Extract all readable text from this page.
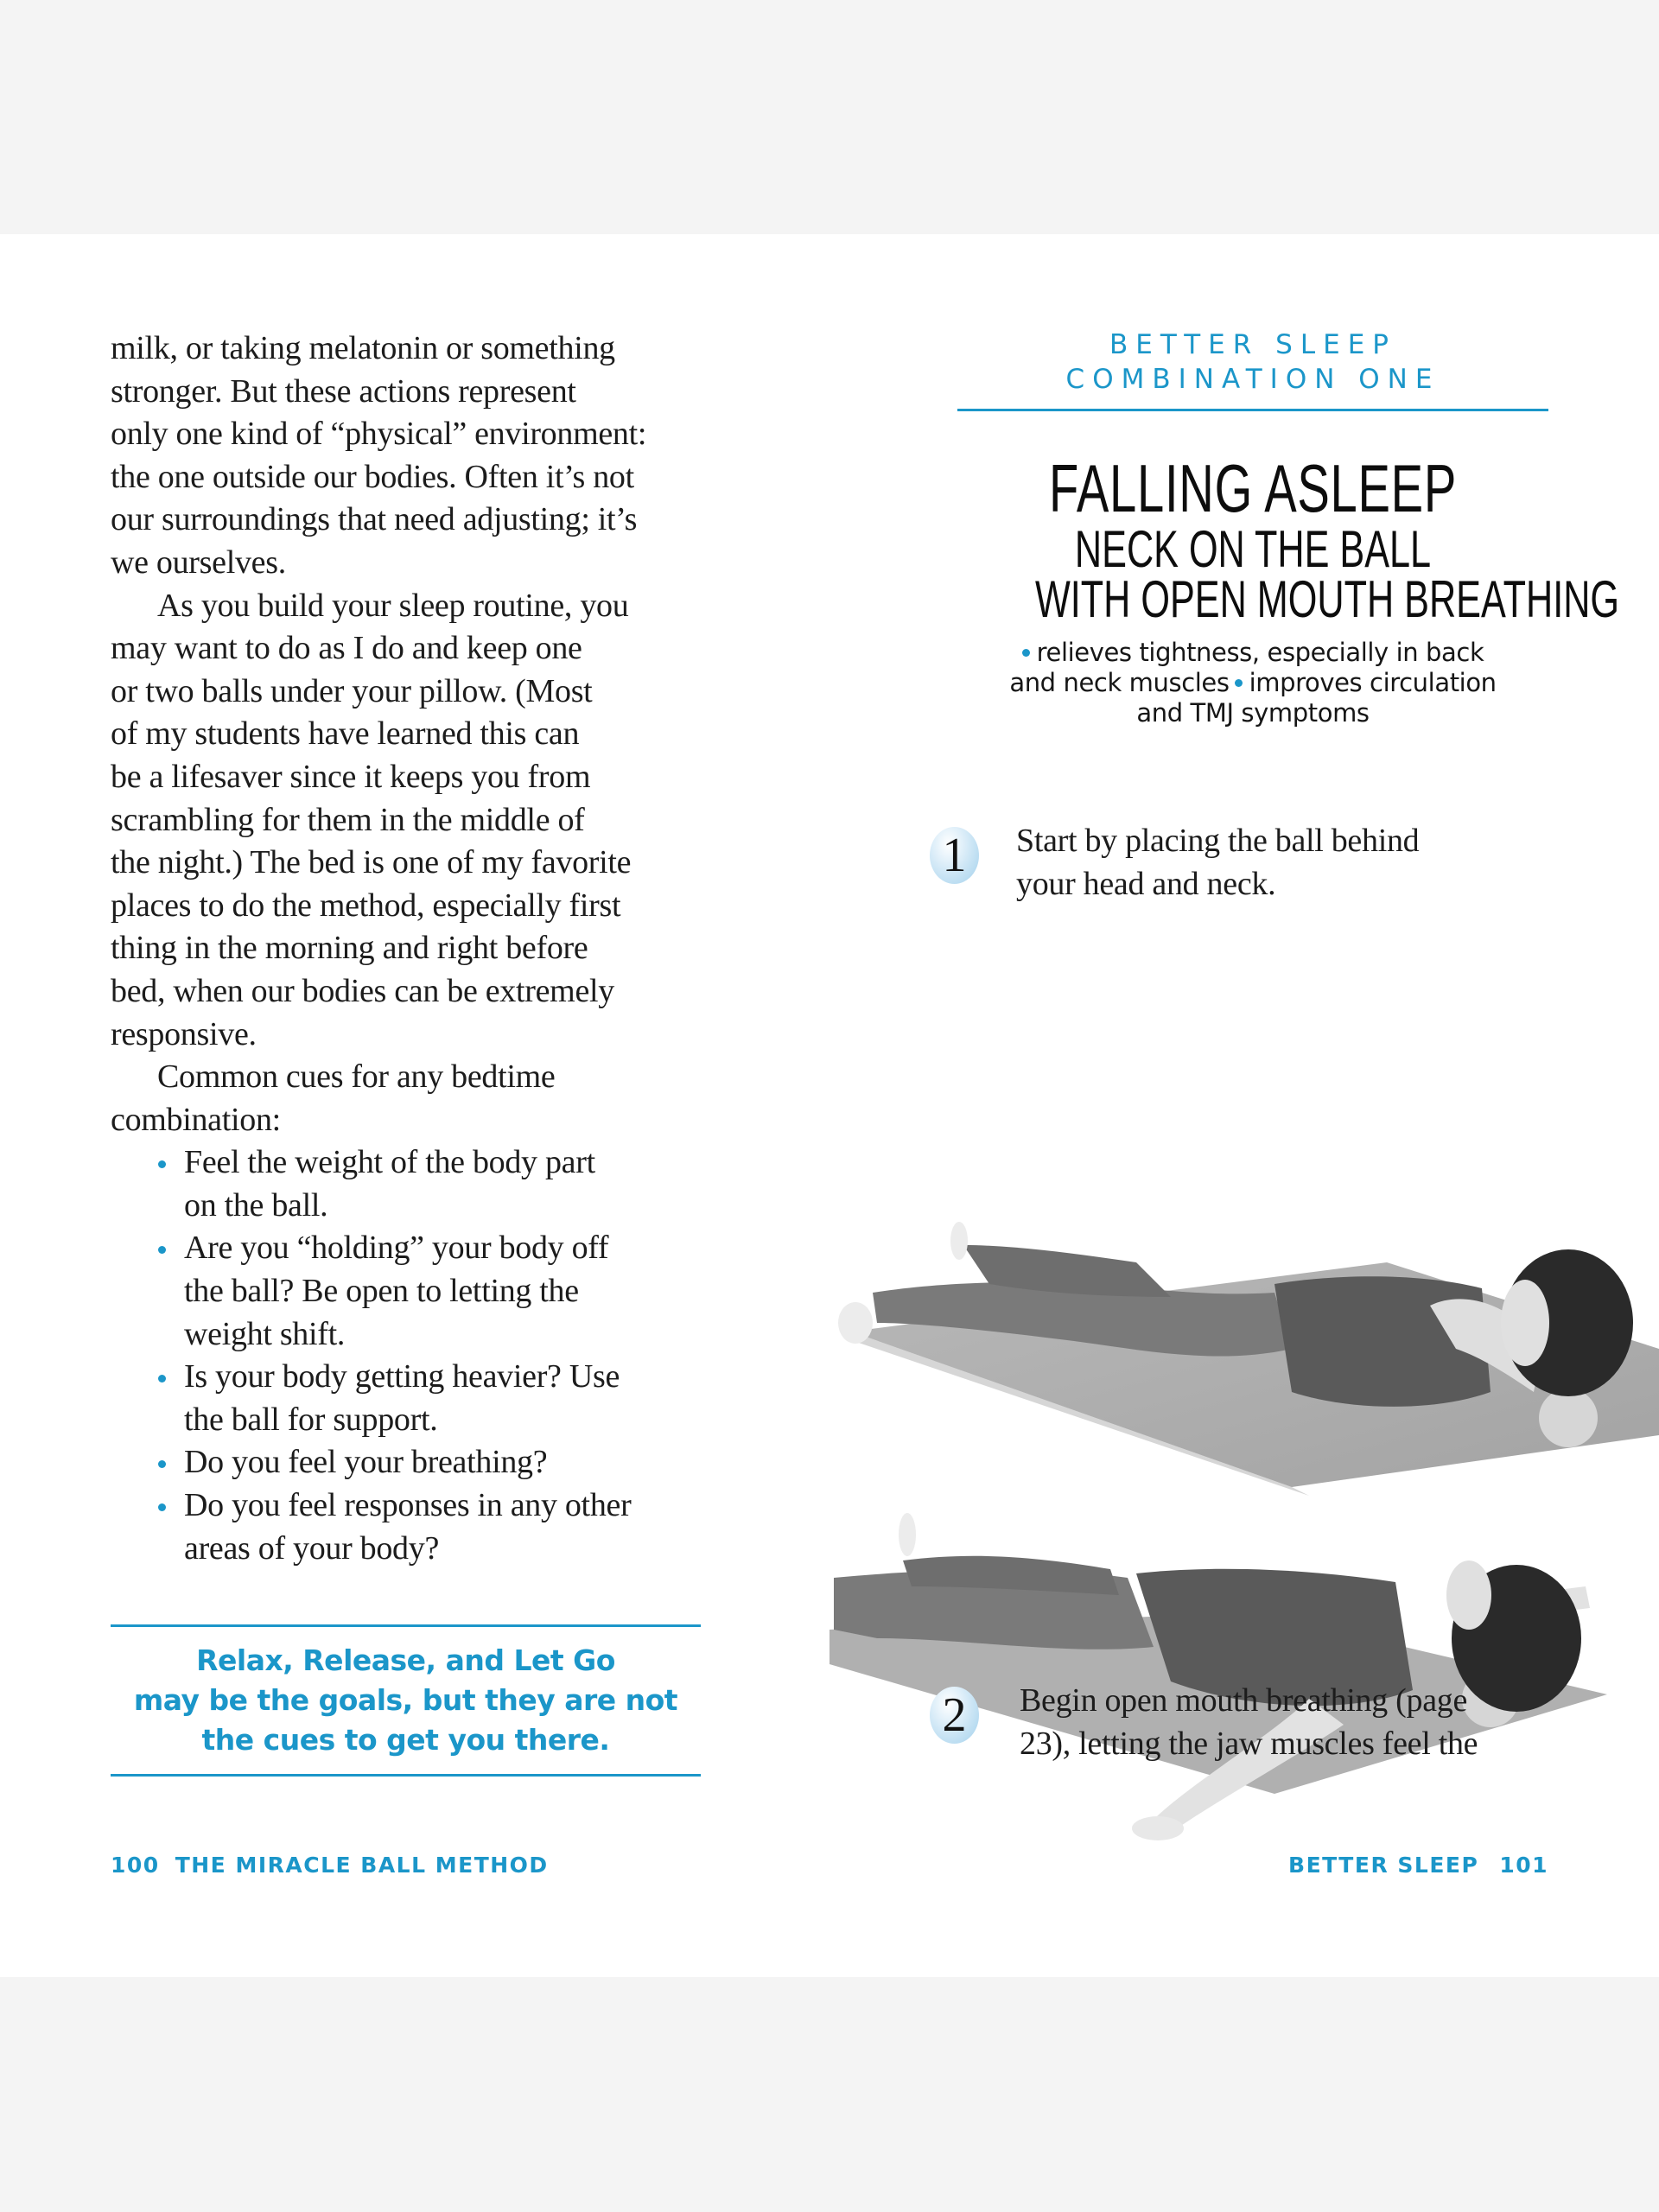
milk, or taking melatonin or something
stronger. But these actions represent
only one kind of “physical” environment:
the one outside our bodies. Often it’s not
our surroundings that need adjusting; it’s
we ourselves.
As you build your sleep routine, you
may want to do as I do and keep one
or two balls under your pillow. (Most
of my students have learned this can
be a lifesaver since it keeps you from
scrambling for them in the middle of
the night.) The bed is one of my favorite
places to do the method, especially first
thing in the morning and right before
bed, when our bodies can be extremely
responsive.
Common cues for any bedtime
combination:
Feel the weight of the body part
on the ball.
Are you “holding” your body off
the ball? Be open to letting the
weight shift.
Is your body getting heavier? Use
the ball for support.
Do you feel your breathing?
Do you feel responses in any other
areas of your body?
Relax, Release, and Let Go
may be the goals, but they are not
the cues to get you there.
100 THE MIRACLE BALL METHOD
BETTER SLEEP
COMBINATION ONE
FALLING ASLEEP
NECK ON THE BALL
WITH OPEN MOUTH BREATHING
relieves tightness, especially in back
and neck muscles improves circulation
and TMJ symptoms
1	Start by placing the ball behind
your head and neck.
2	Begin open mouth breathing (page
23), letting the jaw muscles feel the
BETTER SLEEP 101
